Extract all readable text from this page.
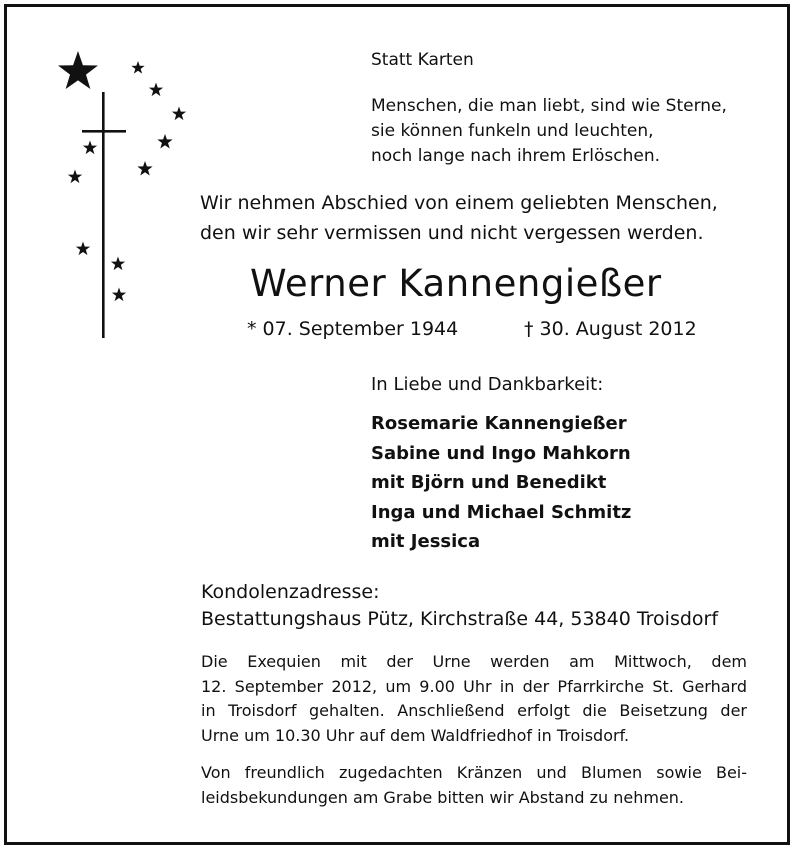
Statt Karten
Menschen, die man liebt, sind wie Sterne,
sie können funkeln und leuchten,
noch lange nach ihrem Erlöschen.
Wir nehmen Abschied von einem geliebten Menschen,
den wir sehr vermissen und nicht vergessen werden.
Werner Kannengießer
* 07. September 1944	† 30. August 2012
In Liebe und Dankbarkeit:
Rosemarie Kannengießer
Sabine und Ingo Mahkorn
mit Björn und Benedikt
Inga und Michael Schmitz
mit Jessica
Kondolenzadresse:
Bestattungshaus Pütz, Kirchstraße 44, 53840 Troisdorf
Die Exequien mit der Urne werden am Mittwoch, dem
12. September 2012, um 9.00 Uhr in der Pfarrkirche St. Gerhard
in Troisdorf gehalten. Anschließend erfolgt die Beisetzung der
Urne um 10.30 Uhr auf dem Waldfriedhof in Troisdorf.
Von freundlich zugedachten Kränzen und Blumen sowie Bei-
leidsbekundungen am Grabe bitten wir Abstand zu nehmen.
